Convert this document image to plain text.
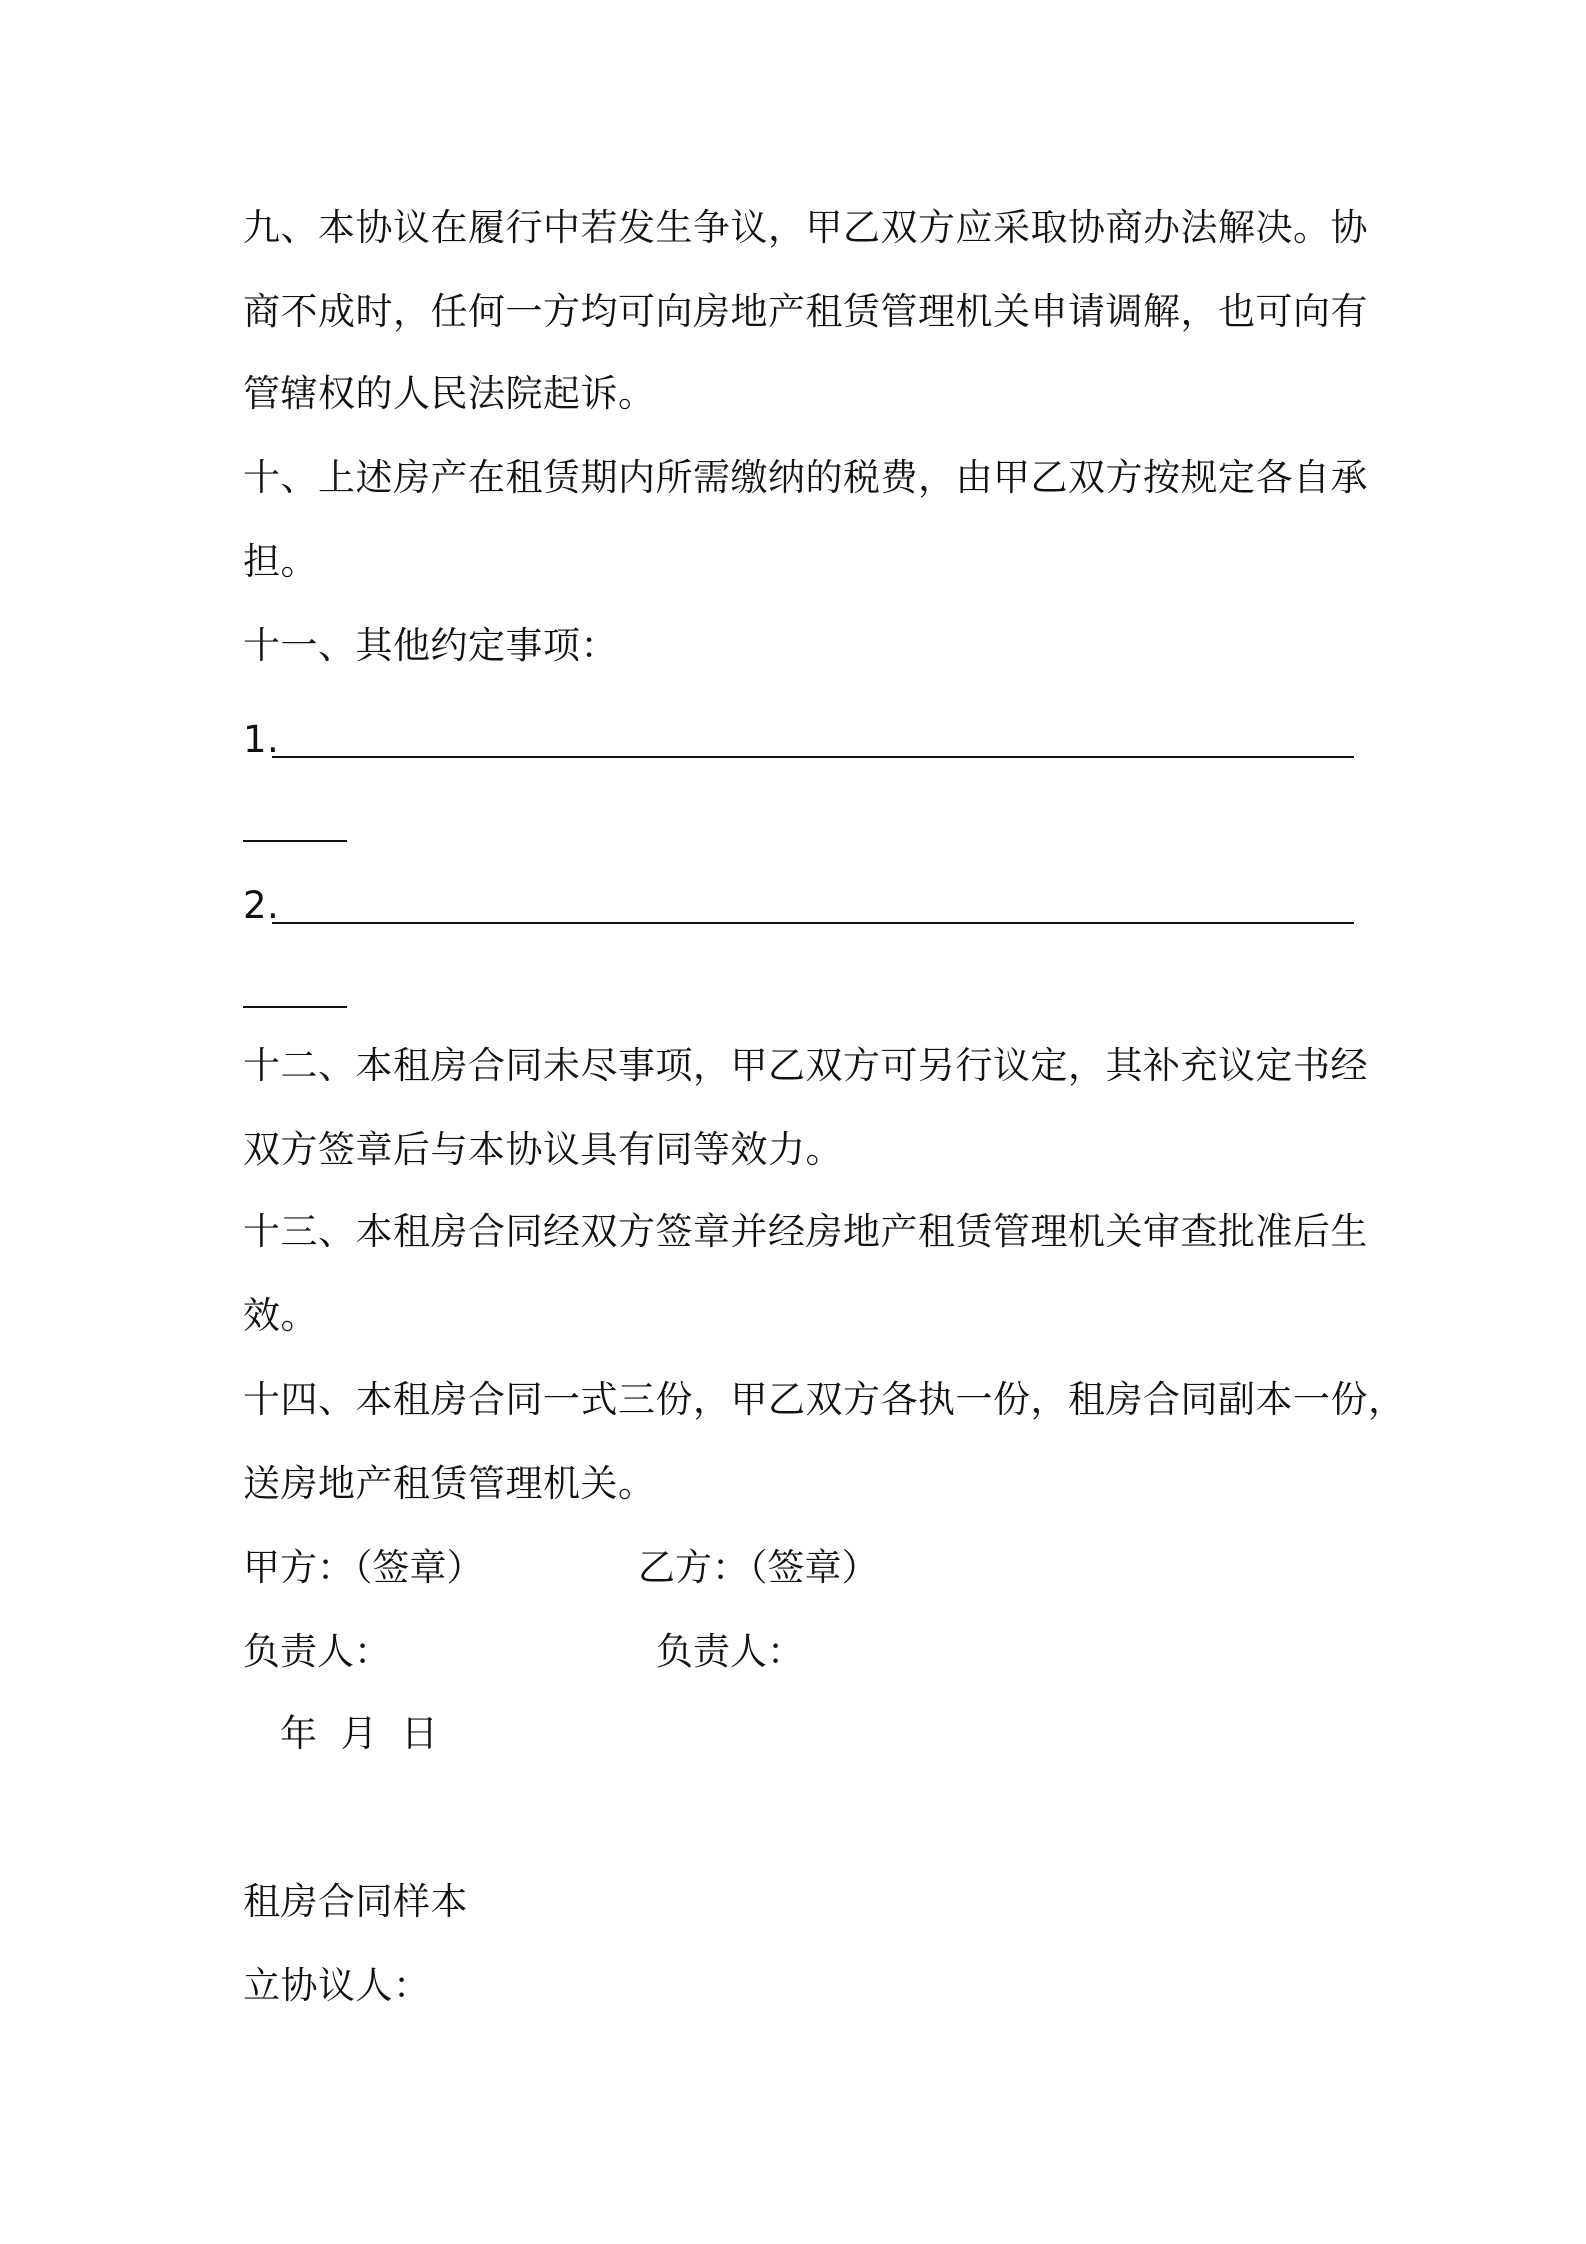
九、本协议在履行中若发生争议，甲乙双方应采取协商办法解决。协
商不成时，任何一方均可向房地产租赁管理机关申请调解，也可向有
管辖权的人民法院起诉。
十、上述房产在租赁期内所需缴纳的税费，由甲乙双方按规定各自承
担。
十一、其他约定事项：
1.
2.
十二、本租房合同未尽事项，甲乙双方可另行议定，其补充议定书经
双方签章后与本协议具有同等效力。
十三、本租房合同经双方签章并经房地产租赁管理机关审查批准后生
效。
十四、本租房合同一式三份，甲乙双方各执一份，租房合同副本一份，
送房地产租赁管理机关。
甲方：（签章）	乙方：（签章）
负责人：	负责人：
年  月  日
租房合同样本
立协议人：
